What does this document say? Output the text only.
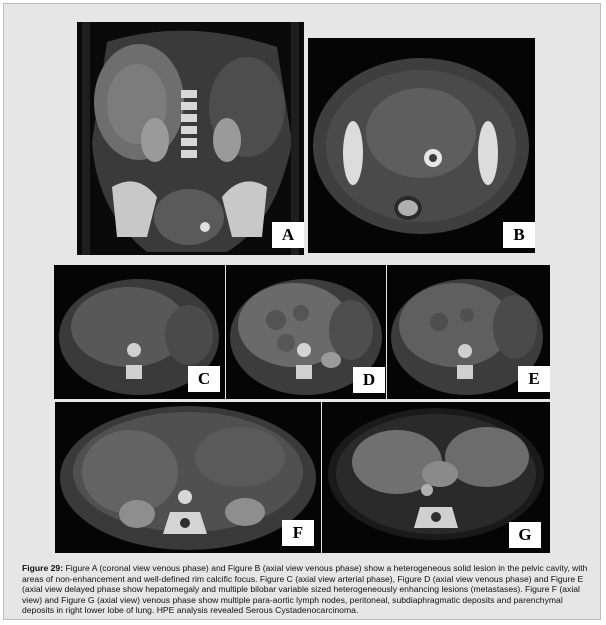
A	B
C	D	E
F	G
Figure 29: Figure A (coronal view venous phase) and Figure B (axial view venous phase) show a heterogeneous solid lesion in the pelvic cavity, with areas of non-enhancement and well-defined rim calcific focus. Figure C (axial view arterial phase), Figure D (axial view venous phase) and Figure E (axial view delayed phase show hepatomegaly and multiple bilobar variable sized heterogeneously enhancing lesions (metastases). Figure F (axial view) and Figure G (axial view) venous phase show multiple para-aortic lymph nodes, peritoneal, subdiaphragmatic deposits and parenchymal deposits in right lower lobe of lung. HPE analysis revealed Serous Cystadenocarcinoma.
